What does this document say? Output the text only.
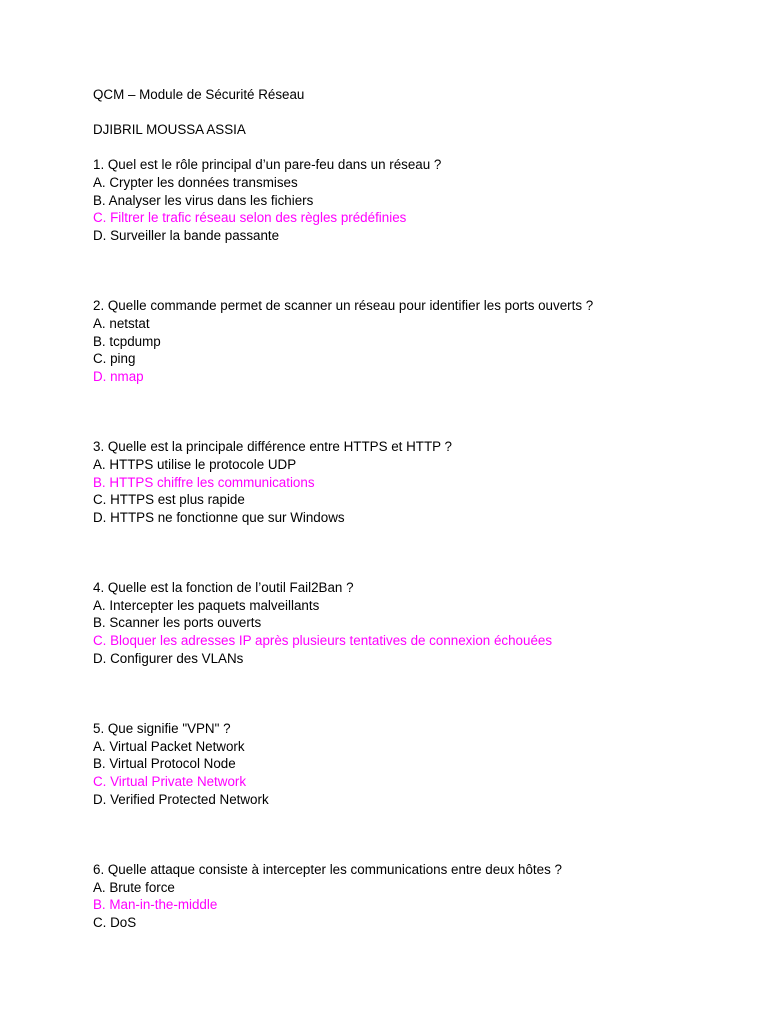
QCM – Module de Sécurité Réseau
DJIBRIL MOUSSA ASSIA
1. Quel est le rôle principal d’un pare-feu dans un réseau ?
A. Crypter les données transmises
B. Analyser les virus dans les fichiers
C. Filtrer le trafic réseau selon des règles prédéfinies
D. Surveiller la bande passante
2. Quelle commande permet de scanner un réseau pour identifier les ports ouverts ?
A. netstat
B. tcpdump
C. ping
D. nmap
3. Quelle est la principale différence entre HTTPS et HTTP ?
A. HTTPS utilise le protocole UDP
B. HTTPS chiffre les communications
C. HTTPS est plus rapide
D. HTTPS ne fonctionne que sur Windows
4. Quelle est la fonction de l’outil Fail2Ban ?
A. Intercepter les paquets malveillants
B. Scanner les ports ouverts
C. Bloquer les adresses IP après plusieurs tentatives de connexion échouées
D. Configurer des VLANs
5. Que signifie "VPN" ?
A. Virtual Packet Network
B. Virtual Protocol Node
C. Virtual Private Network
D. Verified Protected Network
6. Quelle attaque consiste à intercepter les communications entre deux hôtes ?
A. Brute force
B. Man-in-the-middle
C. DoS
